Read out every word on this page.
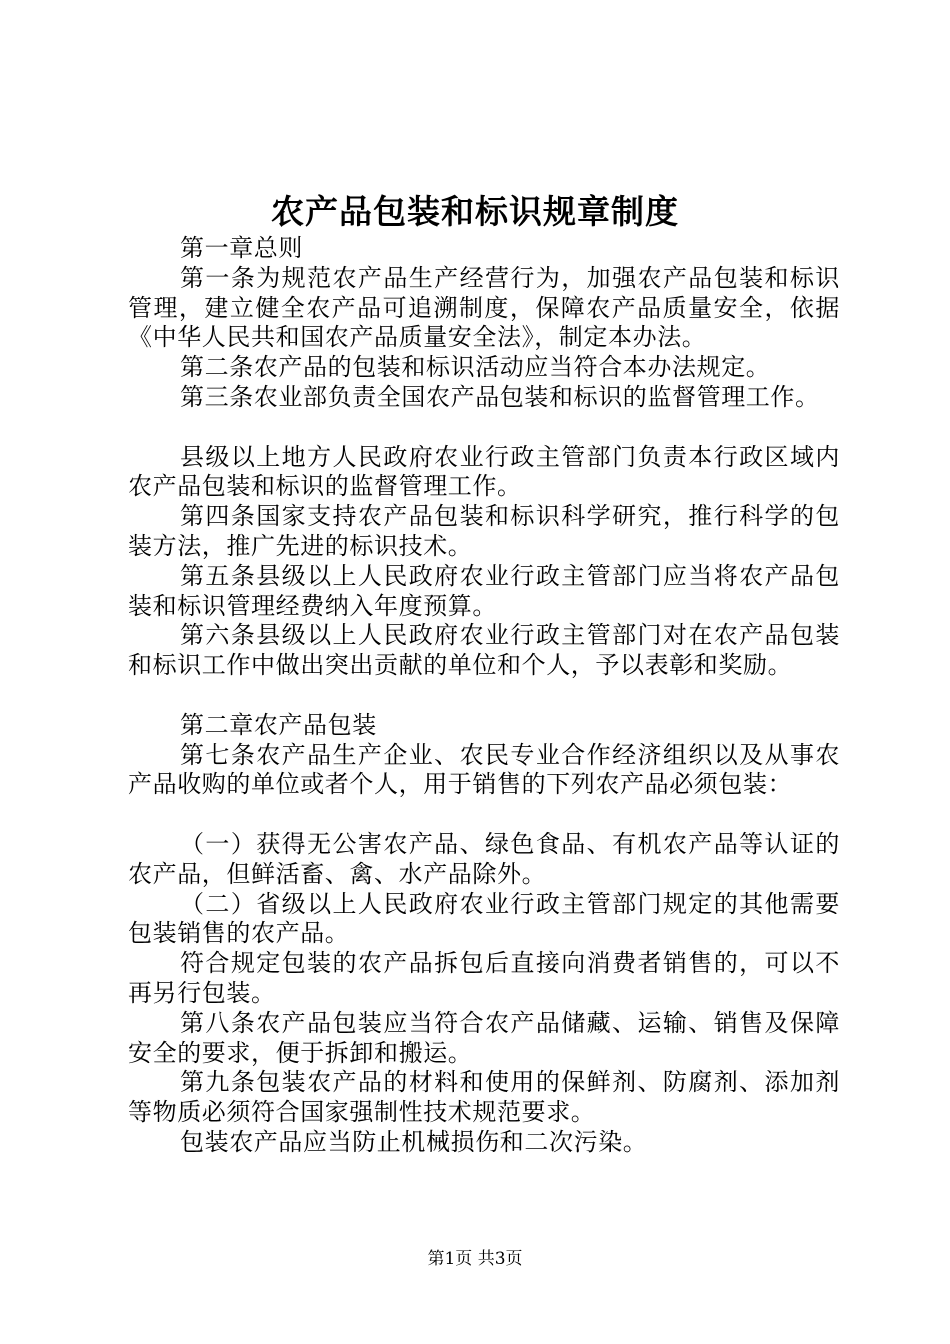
农产品包装和标识规章制度

第一章总则

第一条为规范农产品生产经营行为，加强农产品包装和标识管理，建立健全农产品可追溯制度，保障农产品质量安全，依据《中华人民共和国农产品质量安全法》，制定本办法。

第二条农产品的包装和标识活动应当符合本办法规定。

第三条农业部负责全国农产品包装和标识的监督管理工作。

县级以上地方人民政府农业行政主管部门负责本行政区域内农产品包装和标识的监督管理工作。

第四条国家支持农产品包装和标识科学研究，推行科学的包装方法，推广先进的标识技术。

第五条县级以上人民政府农业行政主管部门应当将农产品包装和标识管理经费纳入年度预算。

第六条县级以上人民政府农业行政主管部门对在农产品包装和标识工作中做出突出贡献的单位和个人，予以表彰和奖励。

第二章农产品包装

第七条农产品生产企业、农民专业合作经济组织以及从事农产品收购的单位或者个人，用于销售的下列农产品必须包装：

（一）获得无公害农产品、绿色食品、有机农产品等认证的农产品，但鲜活畜、禽、水产品除外。

（二）省级以上人民政府农业行政主管部门规定的其他需要包装销售的农产品。

符合规定包装的农产品拆包后直接向消费者销售的，可以不再另行包装。

第八条农产品包装应当符合农产品储藏、运输、销售及保障安全的要求，便于拆卸和搬运。

第九条包装农产品的材料和使用的保鲜剂、防腐剂、添加剂等物质必须符合国家强制性技术规范要求。

包装农产品应当防止机械损伤和二次污染。

第1页 共3页
